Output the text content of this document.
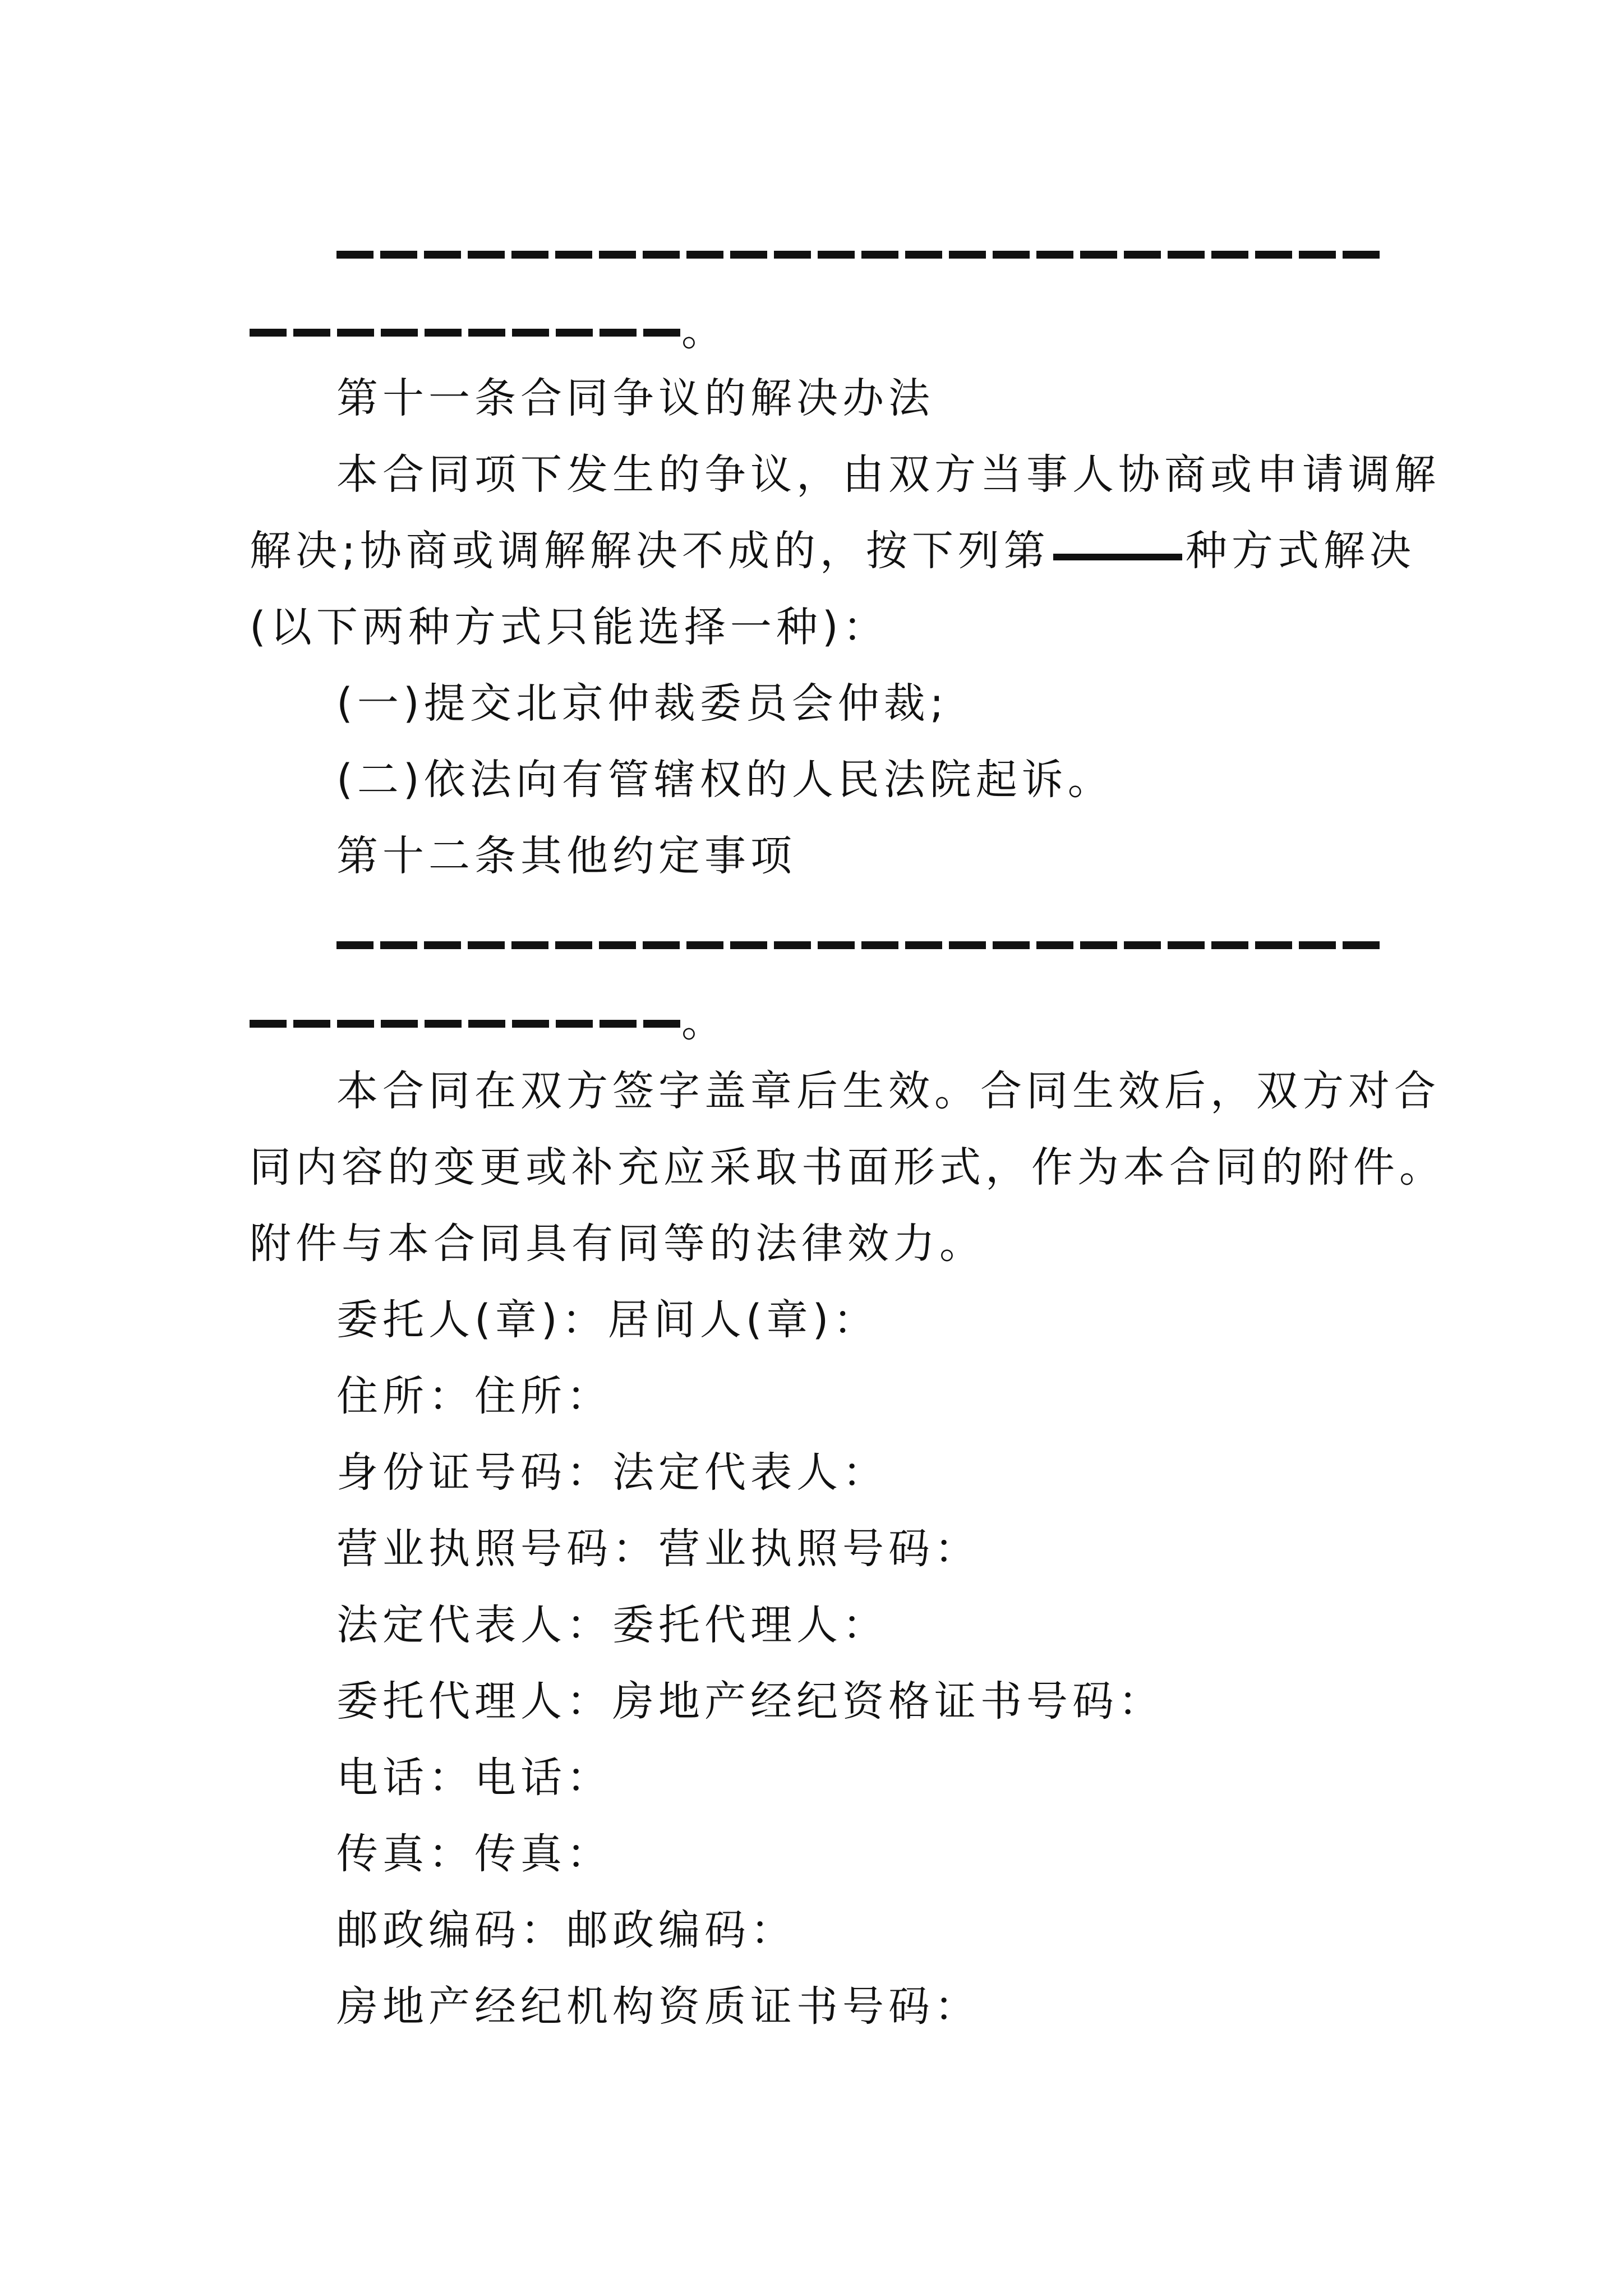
。
第十一条合同争议的解决办法
本合同项下发生的争议，由双方当事人协商或申请调解
解决;协商或调解解决不成的，按下列第	种方式解决
(以下两种方式只能选择一种)：
(一)提交北京仲裁委员会仲裁;
(二)依法向有管辖权的人民法院起诉。
第十二条其他约定事项
。
本合同在双方签字盖章后生效。合同生效后，双方对合
同内容的变更或补充应采取书面形式，作为本合同的附件。
附件与本合同具有同等的法律效力。
委托人(章)：居间人(章)：
住所：住所：
身份证号码：法定代表人：
营业执照号码：营业执照号码：
法定代表人：委托代理人：
委托代理人：房地产经纪资格证书号码：
电话：电话：
传真：传真：
邮政编码：邮政编码：
房地产经纪机构资质证书号码：
